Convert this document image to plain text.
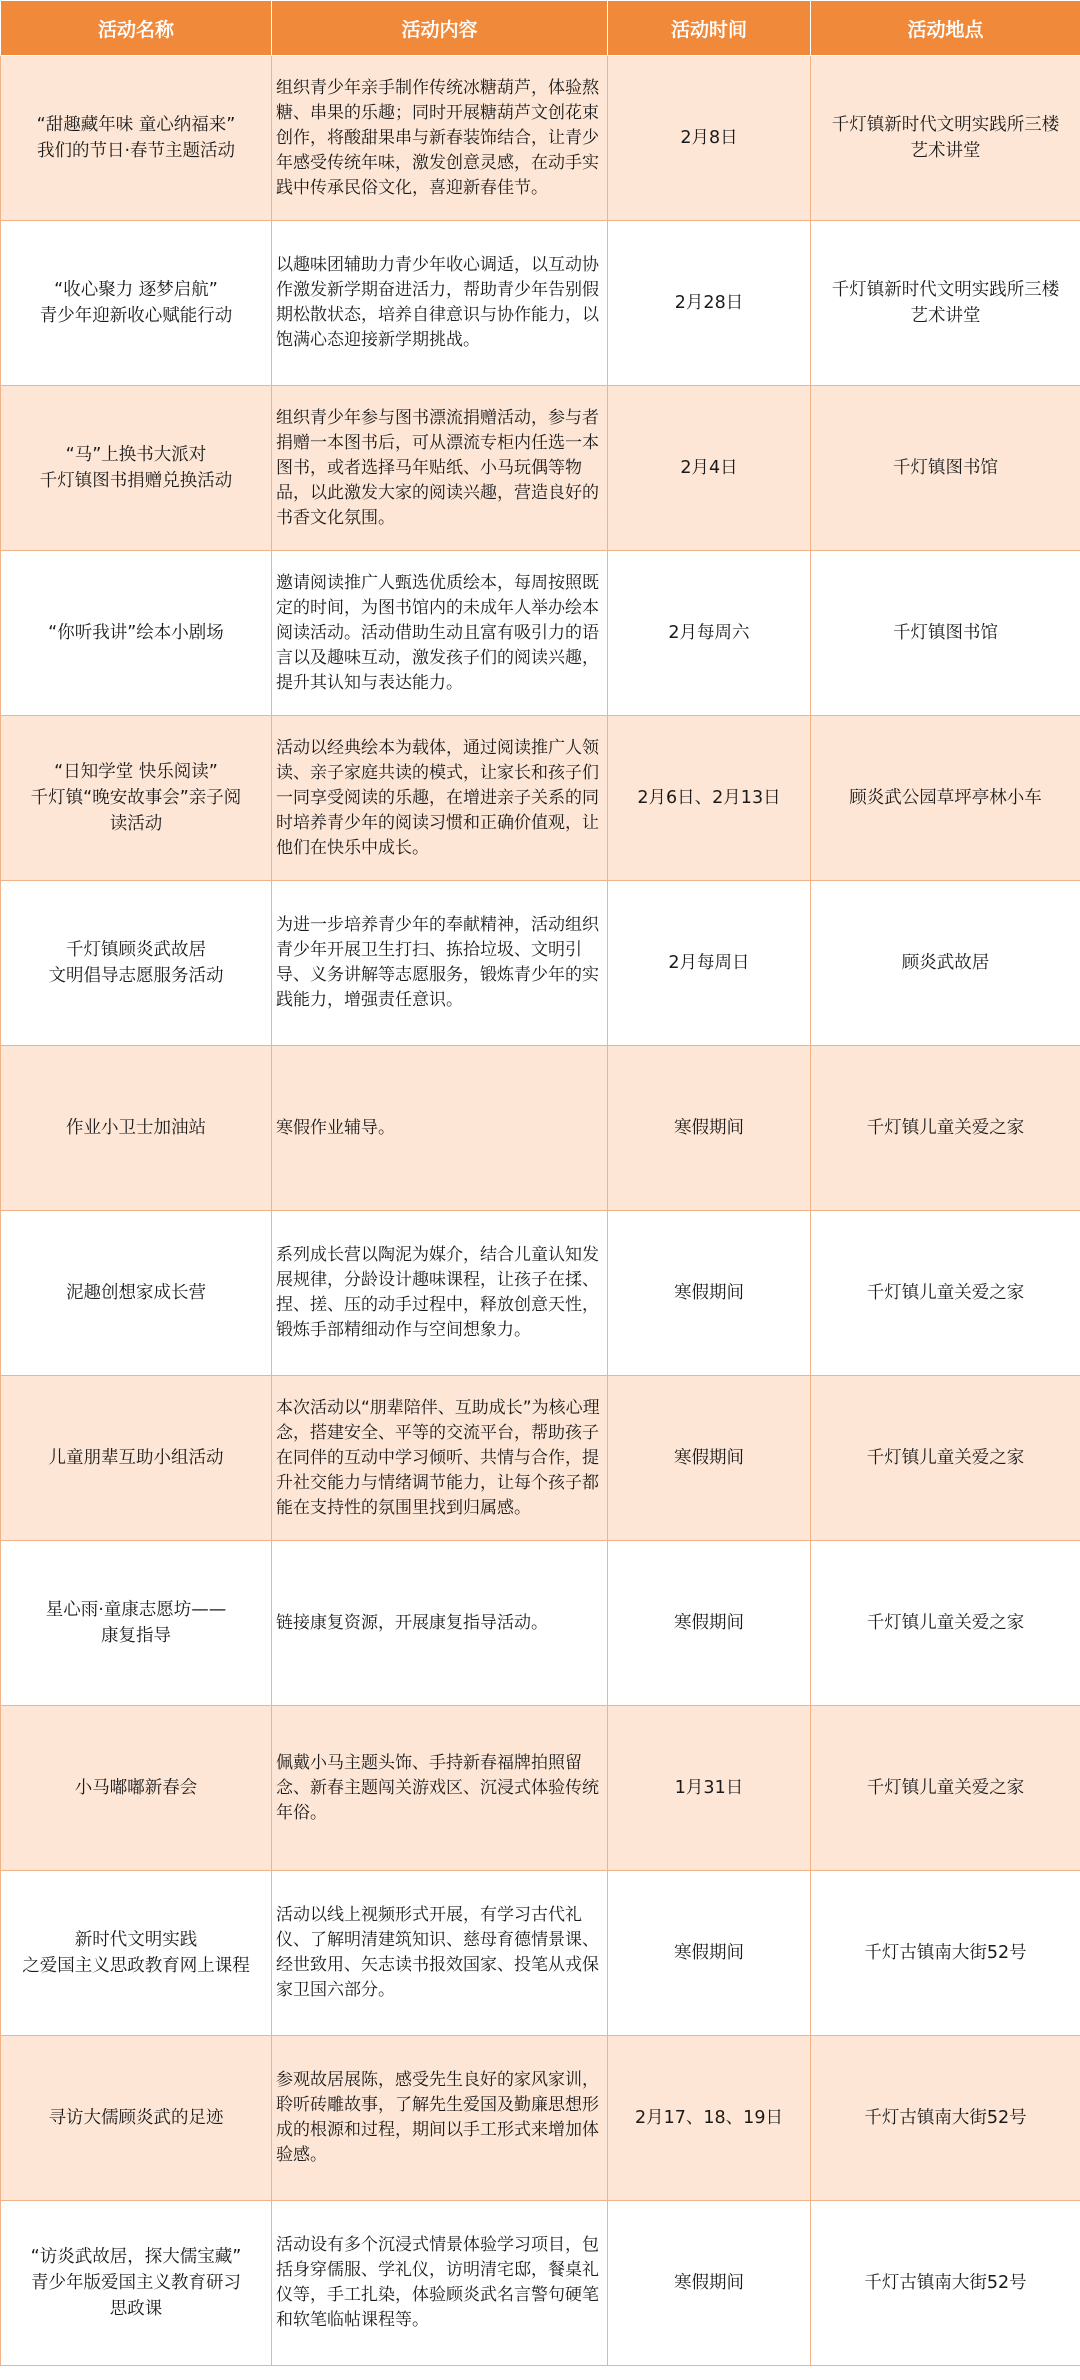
活动名称	活动内容	活动时间	活动地点
“甜趣藏年味 童心纳福来”
我们的节日·春节主题活动	组织青少年亲手制作传统冰糖葫芦，体验熬糖、串果的乐趣；同时开展糖葫芦文创花束创作，将酸甜果串与新春装饰结合，让青少年感受传统年味，激发创意灵感，在动手实践中传承民俗文化，喜迎新春佳节。	2月8日	千灯镇新时代文明实践所三楼
艺术讲堂
“收心聚力 逐梦启航”
青少年迎新收心赋能行动	以趣味团辅助力青少年收心调适，以互动协作激发新学期奋进活力，帮助青少年告别假期松散状态，培养自律意识与协作能力，以饱满心态迎接新学期挑战。	2月28日	千灯镇新时代文明实践所三楼
艺术讲堂
“马”上换书大派对
千灯镇图书捐赠兑换活动	组织青少年参与图书漂流捐赠活动，参与者捐赠一本图书后，可从漂流专柜内任选一本图书，或者选择马年贴纸、小马玩偶等物品，以此激发大家的阅读兴趣，营造良好的书香文化氛围。	2月4日	千灯镇图书馆
“你听我讲”绘本小剧场	邀请阅读推广人甄选优质绘本，每周按照既定的时间，为图书馆内的未成年人举办绘本阅读活动。活动借助生动且富有吸引力的语言以及趣味互动，激发孩子们的阅读兴趣，提升其认知与表达能力。	2月每周六	千灯镇图书馆
“日知学堂 快乐阅读”
千灯镇“晚安故事会”亲子阅
读活动	活动以经典绘本为载体，通过阅读推广人领读、亲子家庭共读的模式，让家长和孩子们一同享受阅读的乐趣，在增进亲子关系的同时培养青少年的阅读习惯和正确价值观，让他们在快乐中成长。	2月6日、2月13日	顾炎武公园草坪亭林小车
千灯镇顾炎武故居
文明倡导志愿服务活动	为进一步培养青少年的奉献精神，活动组织青少年开展卫生打扫、拣拾垃圾、文明引导、义务讲解等志愿服务，锻炼青少年的实践能力，增强责任意识。	2月每周日	顾炎武故居
作业小卫士加油站	寒假作业辅导。	寒假期间	千灯镇儿童关爱之家
泥趣创想家成长营	系列成长营以陶泥为媒介，结合儿童认知发展规律，分龄设计趣味课程，让孩子在揉、捏、搓、压的动手过程中，释放创意天性，锻炼手部精细动作与空间想象力。	寒假期间	千灯镇儿童关爱之家
儿童朋辈互助小组活动	本次活动以“朋辈陪伴、互助成长”为核心理念，搭建安全、平等的交流平台，帮助孩子在同伴的互动中学习倾听、共情与合作，提升社交能力与情绪调节能力，让每个孩子都能在支持性的氛围里找到归属感。	寒假期间	千灯镇儿童关爱之家
星心雨·童康志愿坊——
康复指导	链接康复资源，开展康复指导活动。	寒假期间	千灯镇儿童关爱之家
小马嘟嘟新春会	佩戴小马主题头饰、手持新春福牌拍照留念、新春主题闯关游戏区、沉浸式体验传统年俗。	1月31日	千灯镇儿童关爱之家
新时代文明实践
之爱国主义思政教育网上课程	活动以线上视频形式开展，有学习古代礼仪、了解明清建筑知识、慈母育德情景课、经世致用、矢志读书报效国家、投笔从戎保家卫国六部分。	寒假期间	千灯古镇南大街52号
寻访大儒顾炎武的足迹	参观故居展陈，感受先生良好的家风家训，聆听砖雕故事，了解先生爱国及勤廉思想形成的根源和过程，期间以手工形式来增加体验感。	2月17、18、19日	千灯古镇南大街52号
“访炎武故居，探大儒宝藏”
青少年版爱国主义教育研习
思政课	活动设有多个沉浸式情景体验学习项目，包括身穿儒服、学礼仪，访明清宅邸，餐桌礼仪等，手工扎染，体验顾炎武名言警句硬笔和软笔临帖课程等。	寒假期间	千灯古镇南大街52号
